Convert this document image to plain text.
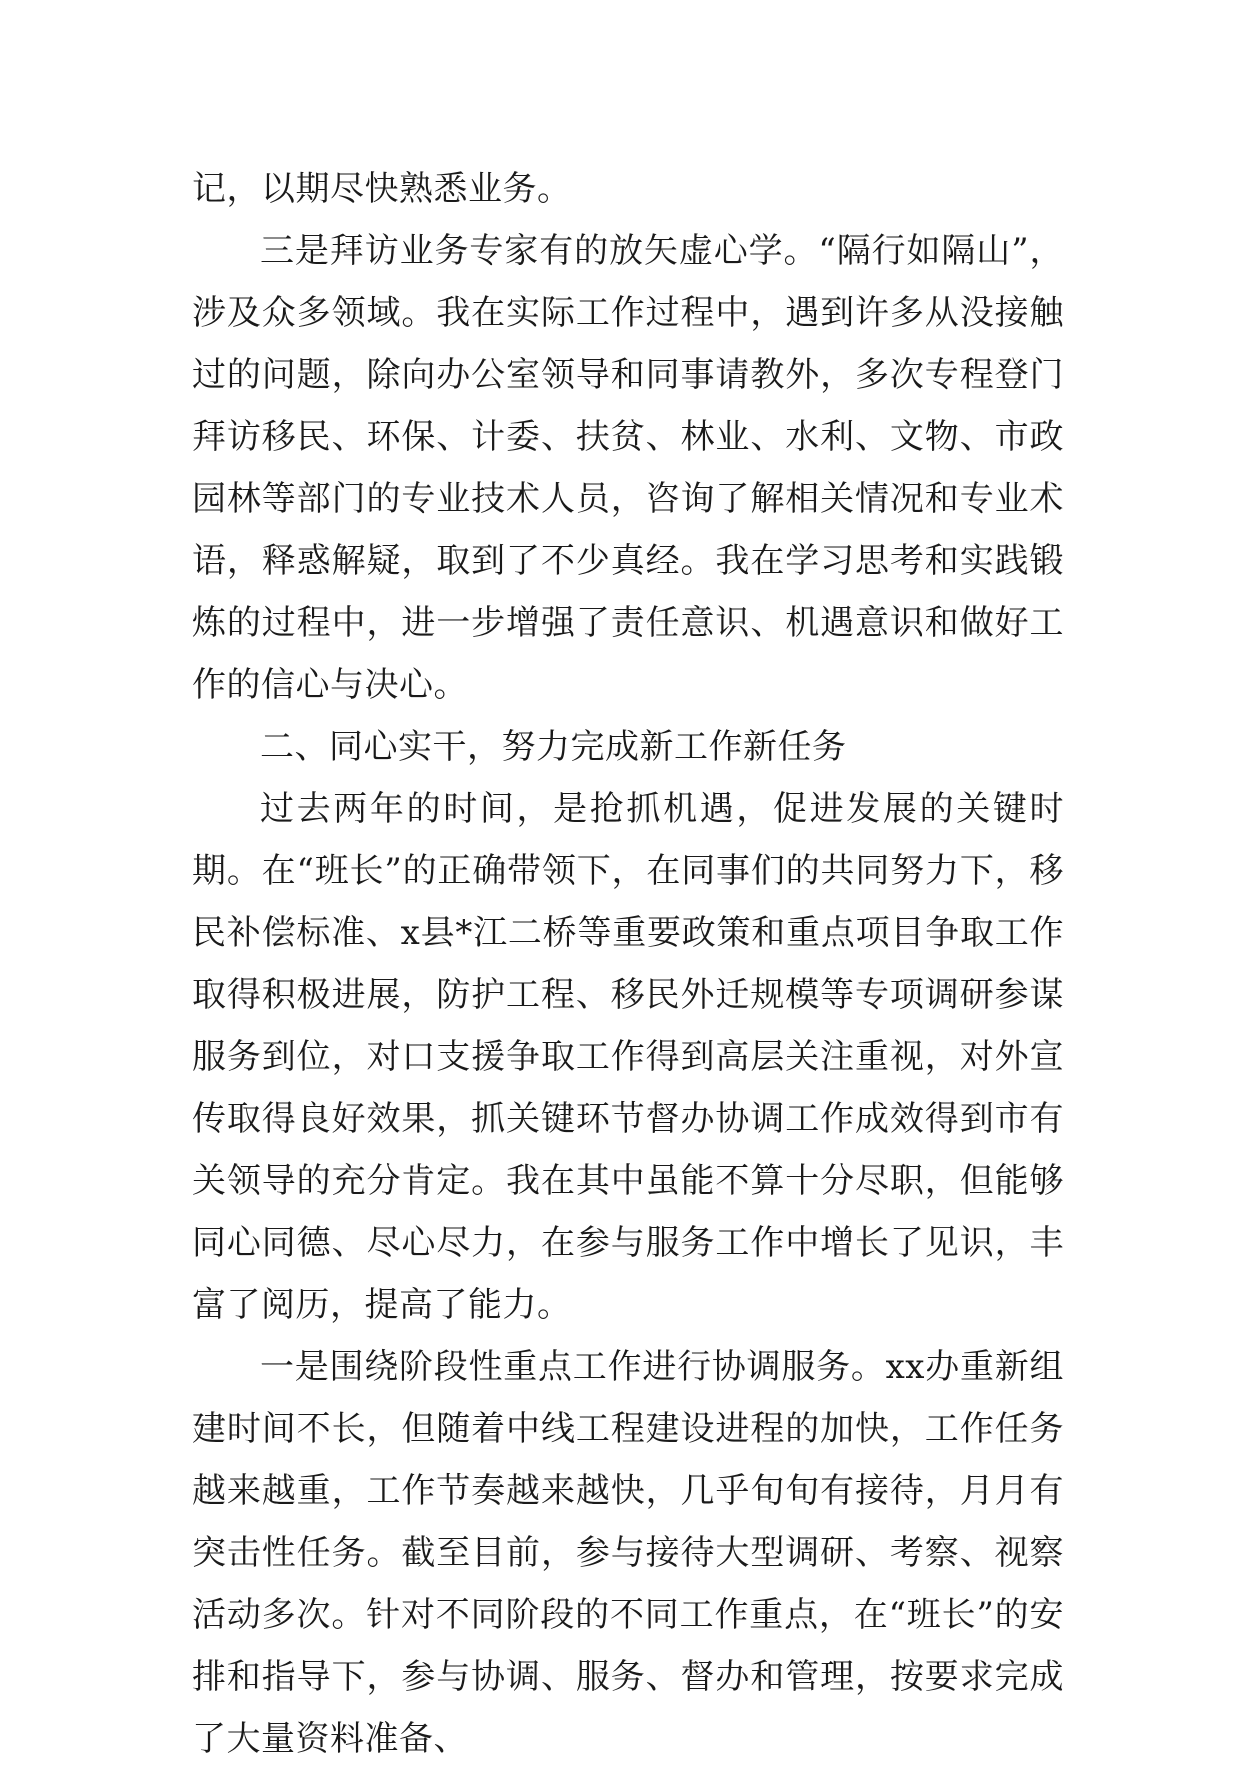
记，以期尽快熟悉业务。

三是拜访业务专家有的放矢虚心学。“隔行如隔山”，涉及众多领域。我在实际工作过程中，遇到许多从没接触过的问题，除向办公室领导和同事请教外，多次专程登门拜访移民、环保、计委、扶贫、林业、水利、文物、市政园林等部门的专业技术人员，咨询了解相关情况和专业术语，释惑解疑，取到了不少真经。我在学习思考和实践锻炼的过程中，进一步增强了责任意识、机遇意识和做好工作的信心与决心。

二、同心实干，努力完成新工作新任务

过去两年的时间，是抢抓机遇，促进发展的关键时期。在“班长”的正确带领下，在同事们的共同努力下，移民补偿标准、x县*江二桥等重要政策和重点项目争取工作取得积极进展，防护工程、移民外迁规模等专项调研参谋服务到位，对口支援争取工作得到高层关注重视，对外宣传取得良好效果，抓关键环节督办协调工作成效得到市有关领导的充分肯定。我在其中虽能不算十分尽职，但能够同心同德、尽心尽力，在参与服务工作中增长了见识，丰富了阅历，提高了能力。

一是围绕阶段性重点工作进行协调服务。xx办重新组建时间不长，但随着中线工程建设进程的加快，工作任务越来越重，工作节奏越来越快，几乎旬旬有接待，月月有突击性任务。截至目前，参与接待大型调研、考察、视察活动多次。针对不同阶段的不同工作重点，在“班长”的安排和指导下，参与协调、服务、督办和管理，按要求完成了大量资料准备、
